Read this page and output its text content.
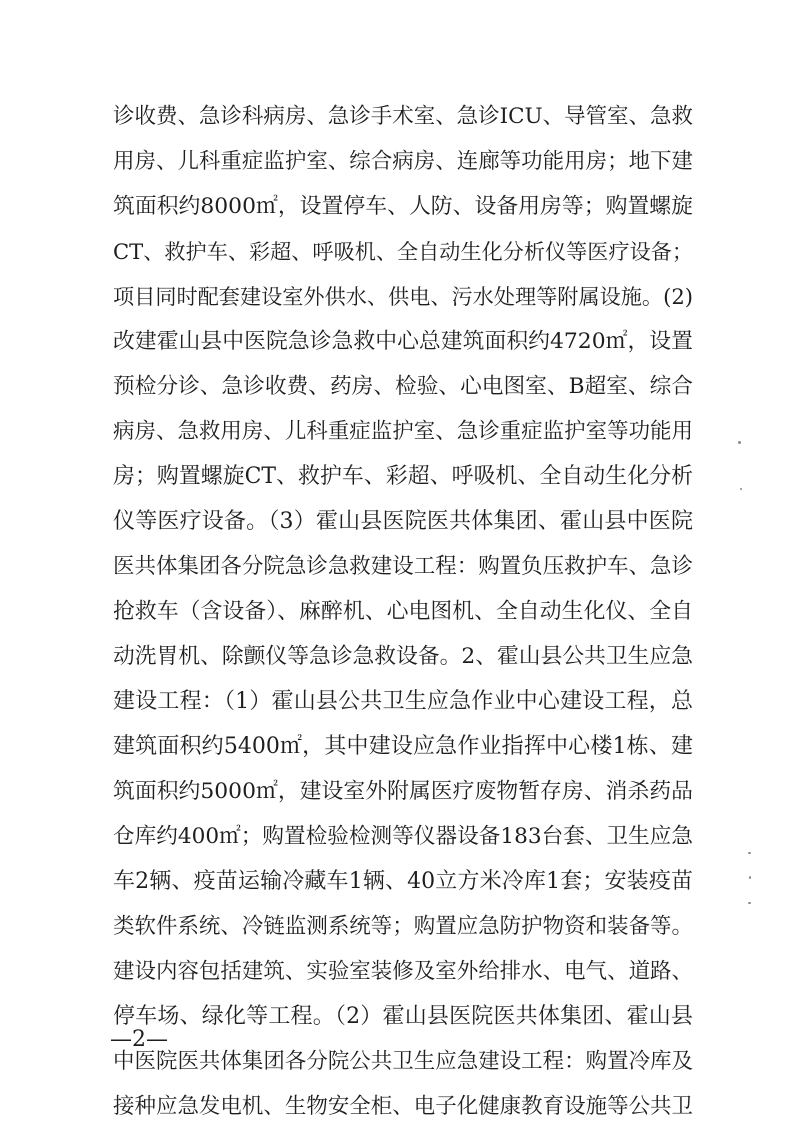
诊收费、急诊科病房、急诊手术室、急诊ICU、导管室、急救
用房、儿科重症监护室、综合病房、连廊等功能用房；地下建
筑面积约8000㎡，设置停车、人防、设备用房等；购置螺旋
CT、救护车、彩超、呼吸机、全自动生化分析仪等医疗设备；
项目同时配套建设室外供水、供电、污水处理等附属设施。(2)
改建霍山县中医院急诊急救中心总建筑面积约4720㎡，设置
预检分诊、急诊收费、药房、检验、心电图室、B超室、综合
病房、急救用房、儿科重症监护室、急诊重症监护室等功能用
房；购置螺旋CT、救护车、彩超、呼吸机、全自动生化分析
仪等医疗设备。（3）霍山县医院医共体集团、霍山县中医院
医共体集团各分院急诊急救建设工程：购置负压救护车、急诊
抢救车（含设备）、麻醉机、心电图机、全自动生化仪、全自
动洗胃机、除颤仪等急诊急救设备。2、霍山县公共卫生应急
建设工程：（1）霍山县公共卫生应急作业中心建设工程，总
建筑面积约5400㎡，其中建设应急作业指挥中心楼1栋、建
筑面积约5000㎡，建设室外附属医疗废物暂存房、消杀药品
仓库约400㎡；购置检验检测等仪器设备183台套、卫生应急
车2辆、疫苗运输冷藏车1辆、40立方米冷库1套；安装疫苗
类软件系统、冷链监测系统等；购置应急防护物资和装备等。
建设内容包括建筑、实验室装修及室外给排水、电气、道路、
停车场、绿化等工程。（2）霍山县医院医共体集团、霍山县
中医院医共体集团各分院公共卫生应急建设工程：购置冷库及
接种应急发电机、生物安全柜、电子化健康教育设施等公共卫
—2—
